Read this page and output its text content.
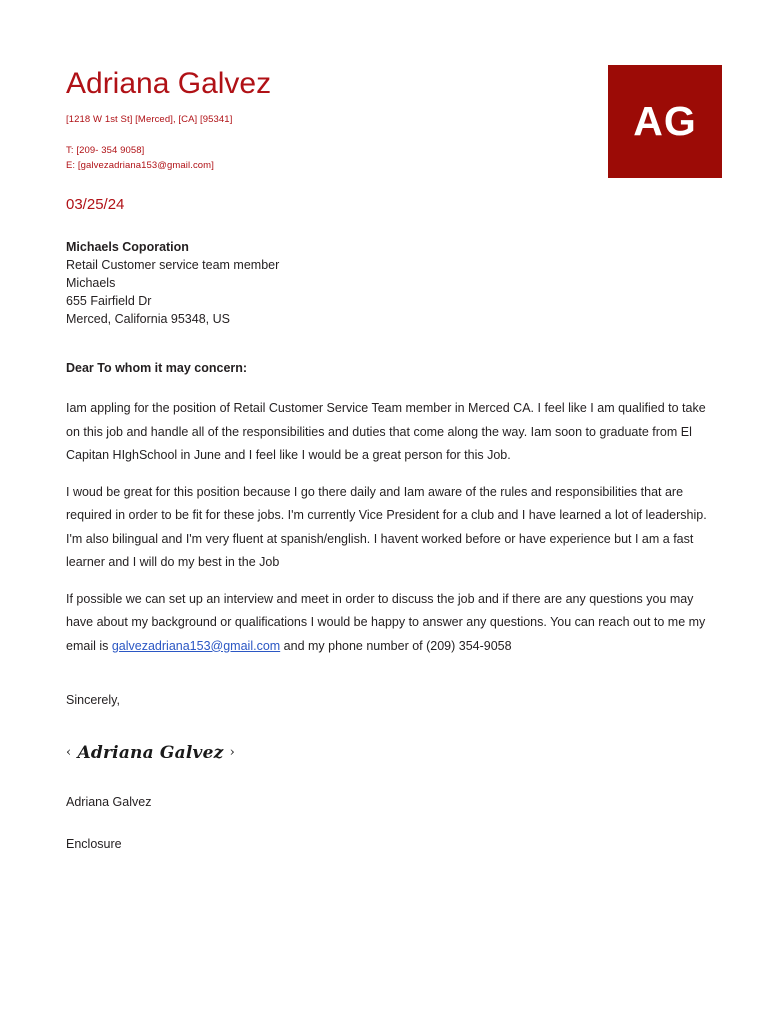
Adriana Galvez
[1218 W 1st St] [Merced], [CA] [95341]
T: [209- 354 9058]
E: [galvezadriana153@gmail.com]
AG
03/25/24
Michaels Coporation
Retail Customer service team member
Michaels
655 Fairfield Dr
Merced, California 95348, US
Dear To whom it may concern:
Iam appling for the position of Retail Customer Service Team member in Merced CA. I feel like I am qualified to take on this job and handle all of the responsibilities and duties that come along the way. Iam soon to graduate from El Capitan HIghSchool in June and I feel like I would be a great person for this Job.
I woud be great for this position because I go there daily and Iam aware of the rules and responsibilities that are required in order to be fit for these jobs. I'm currently Vice President for a club and I have learned a lot of leadership. I'm also bilingual and I'm very fluent at spanish/english. I havent worked before or have experience but I am a fast learner and I will do my best in the Job
If possible we can set up an interview and meet in order to discuss the job and if there are any questions you may have about my background or qualifications I would be happy to answer any questions. You can reach out to me my email is galvezadriana153@gmail.com and my phone number of (209) 354-9058
Sincerely,
‹ Adriana Galvez ›
Adriana Galvez
Enclosure
